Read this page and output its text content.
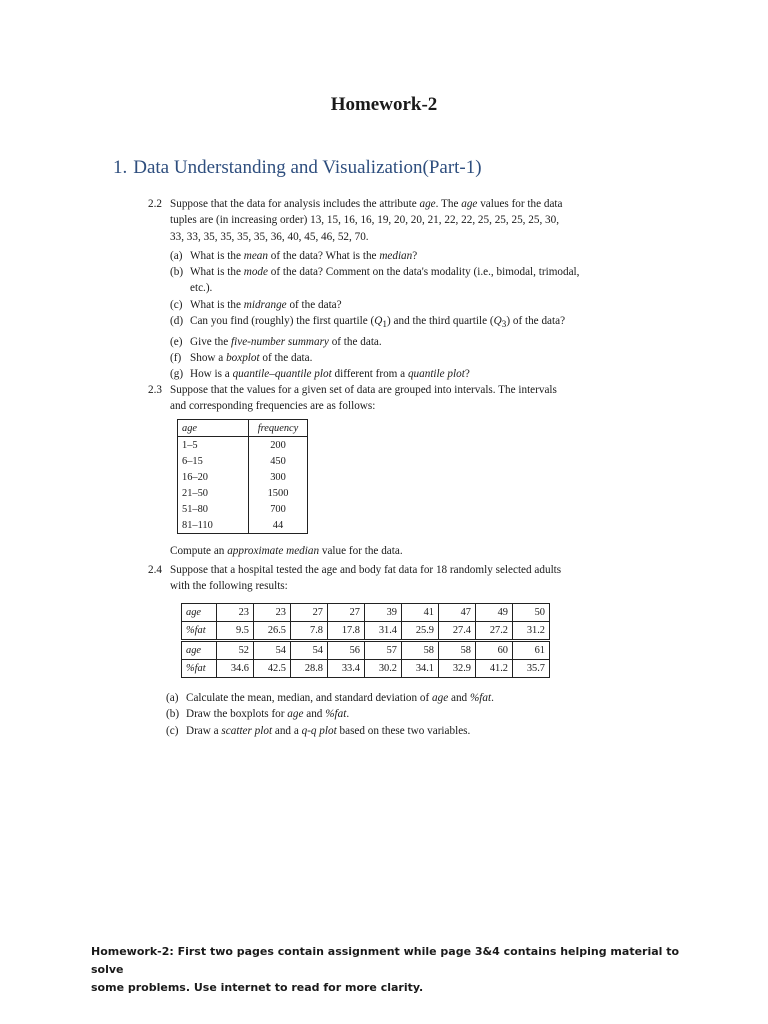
Homework-2
1. Data Understanding and Visualization(Part-1)
2.2 Suppose that the data for analysis includes the attribute age. The age values for the data
tuples are (in increasing order) 13, 15, 16, 16, 19, 20, 20, 21, 22, 22, 25, 25, 25, 25, 30,
33, 33, 35, 35, 35, 35, 36, 40, 45, 46, 52, 70.
(a) What is the mean of the data? What is the median?
(b) What is the mode of the data? Comment on the data's modality (i.e., bimodal, trimodal, etc.).
(c) What is the midrange of the data?
(d) Can you find (roughly) the first quartile $(Q_1)$ and the third quartile $(Q_3)$ of the data?
(e) Give the five-number summary of the data.
(f) Show a boxplot of the data.
(g) How is a quantile–quantile plot different from a quantile plot?
2.3 Suppose that the values for a given set of data are grouped into intervals. The intervals
and corresponding frequencies are as follows:
age	frequency
1–5	200
6–15	450
16–20	300
21–50	1500
51–80	700
81–110	44
Compute an approximate median value for the data.
2.4 Suppose that a hospital tested the age and body fat data for 18 randomly selected adults
with the following results:
age	23	23	27	27	39	41	47	49	50
%fat	9.5	26.5	7.8	17.8	31.4	25.9	27.4	27.2	31.2
age	52	54	54	56	57	58	58	60	61
%fat	34.6	42.5	28.8	33.4	30.2	34.1	32.9	41.2	35.7
(a) Calculate the mean, median, and standard deviation of age and %fat.
(b) Draw the boxplots for age and %fat.
(c) Draw a scatter plot and a q-q plot based on these two variables.
Homework-2: First two pages contain assignment while page 3&4 contains helping material to solve
some problems. Use internet to read for more clarity.
